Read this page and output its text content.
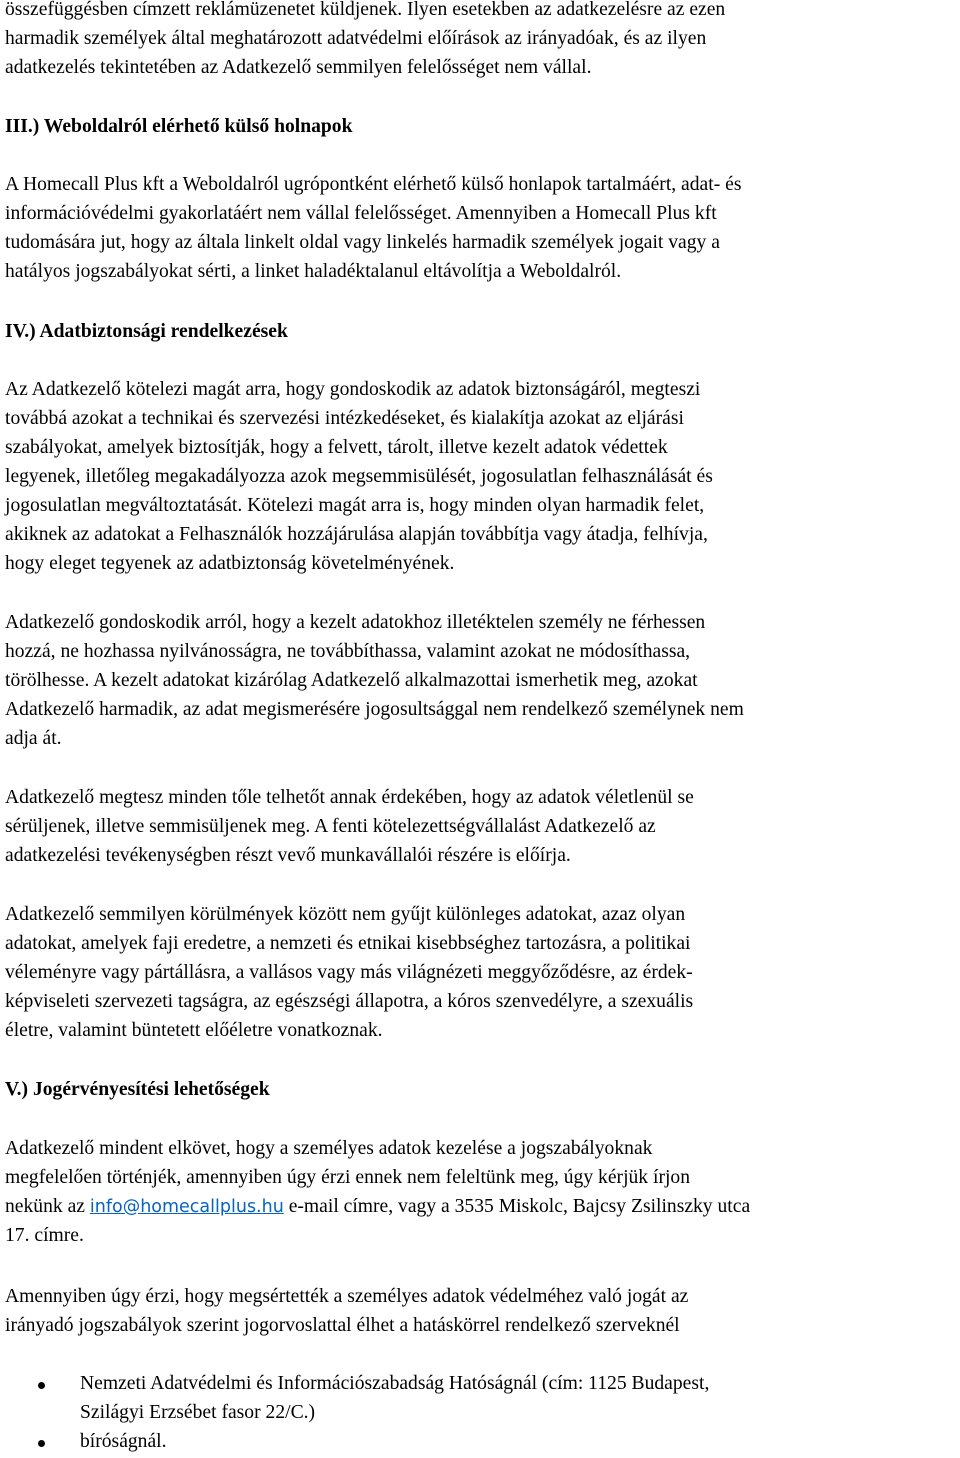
összefüggésben címzett reklámüzenetet küldjenek. Ilyen esetekben az adatkezelésre az ezen
harmadik személyek által meghatározott adatvédelmi előírások az irányadóak, és az ilyen
adatkezelés tekintetében az Adatkezelő semmilyen felelősséget nem vállal.
III.) Weboldalról elérhető külső holnapok
A Homecall Plus kft a Weboldalról ugrópontként elérhető külső honlapok tartalmáért, adat- és
információvédelmi gyakorlatáért nem vállal felelősséget. Amennyiben a Homecall Plus kft
tudomására jut, hogy az általa linkelt oldal vagy linkelés harmadik személyek jogait vagy a
hatályos jogszabályokat sérti, a linket haladéktalanul eltávolítja a Weboldalról.
IV.) Adatbiztonsági rendelkezések
Az Adatkezelő kötelezi magát arra, hogy gondoskodik az adatok biztonságáról, megteszi
továbbá azokat a technikai és szervezési intézkedéseket, és kialakítja azokat az eljárási
szabályokat, amelyek biztosítják, hogy a felvett, tárolt, illetve kezelt adatok védettek
legyenek, illetőleg megakadályozza azok megsemmisülését, jogosulatlan felhasználását és
jogosulatlan megváltoztatását. Kötelezi magát arra is, hogy minden olyan harmadik felet,
akiknek az adatokat a Felhasználók hozzájárulása alapján továbbítja vagy átadja, felhívja,
hogy eleget tegyenek az adatbiztonság követelményének.
Adatkezelő gondoskodik arról, hogy a kezelt adatokhoz illetéktelen személy ne férhessen
hozzá, ne hozhassa nyilvánosságra, ne továbbíthassa, valamint azokat ne módosíthassa,
törölhesse. A kezelt adatokat kizárólag Adatkezelő alkalmazottai ismerhetik meg, azokat
Adatkezelő harmadik, az adat megismerésére jogosultsággal nem rendelkező személynek nem
adja át.
Adatkezelő megtesz minden tőle telhetőt annak érdekében, hogy az adatok véletlenül se
sérüljenek, illetve semmisüljenek meg. A fenti kötelezettségvállalást Adatkezelő az
adatkezelési tevékenységben részt vevő munkavállalói részére is előírja.
Adatkezelő semmilyen körülmények között nem gyűjt különleges adatokat, azaz olyan
adatokat, amelyek faji eredetre, a nemzeti és etnikai kisebbséghez tartozásra, a politikai
véleményre vagy pártállásra, a vallásos vagy más világnézeti meggyőződésre, az érdek-
képviseleti szervezeti tagságra, az egészségi állapotra, a kóros szenvedélyre, a szexuális
életre, valamint büntetett előéletre vonatkoznak.
V.) Jogérvényesítési lehetőségek
Adatkezelő mindent elkövet, hogy a személyes adatok kezelése a jogszabályoknak
megfelelően történjék, amennyiben úgy érzi ennek nem feleltünk meg, úgy kérjük írjon
nekünk az info@homecallplus.hu e-mail címre, vagy a 3535 Miskolc, Bajcsy Zsilinszky utca
17. címre.
Amennyiben úgy érzi, hogy megsértették a személyes adatok védelméhez való jogát az
irányadó jogszabályok szerint jogorvoslattal élhet a hatáskörrel rendelkező szerveknél
Nemzeti Adatvédelmi és Információszabadság Hatóságnál (cím: 1125 Budapest,
Szilágyi Erzsébet fasor 22/C.)
bíróságnál.
